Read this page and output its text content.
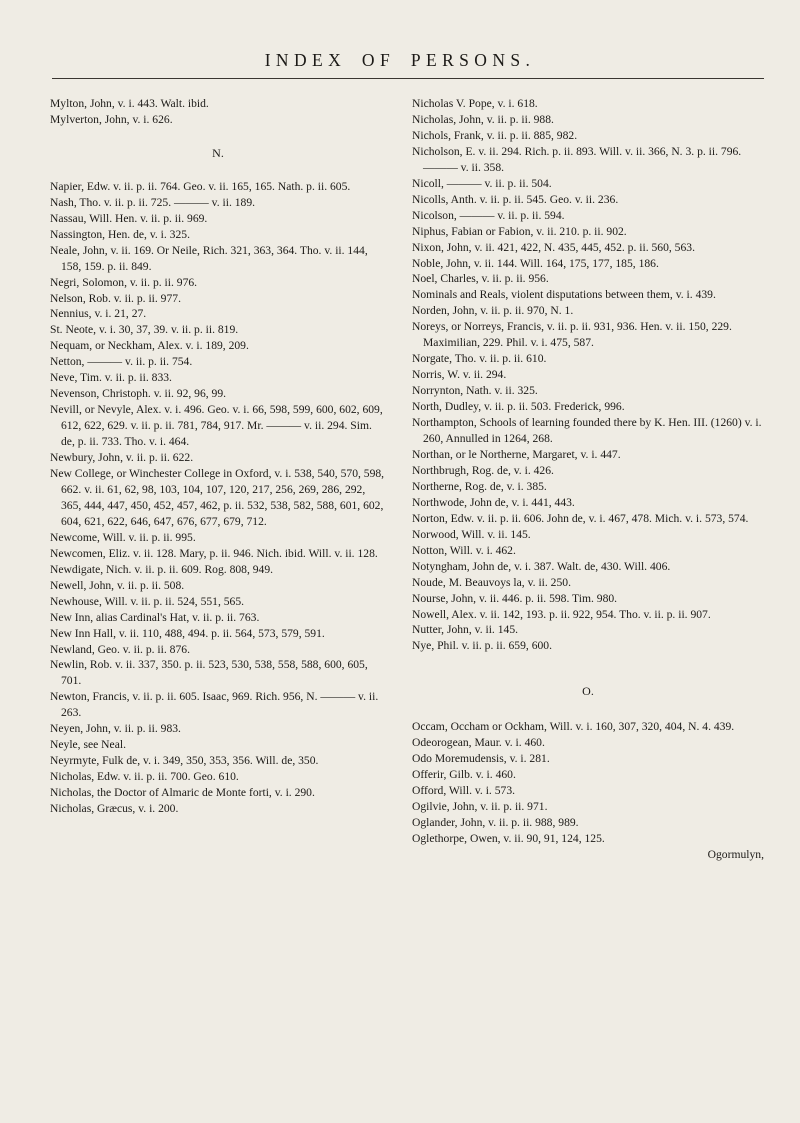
INDEX OF PERSONS.

Mylton, John, v. i. 443. Walt. ibid.

Mylverton, John, v. i. 626.

N.

Napier, Edw. v. ii. p. ii. 764. Geo. v. ii. 165, 165. Nath. p. ii. 605.

Nash, Tho. v. ii. p. ii. 725. ——— v. ii. 189.

Nassau, Will. Hen. v. ii. p. ii. 969.

Nassington, Hen. de, v. i. 325.

Neale, John, v. ii. 169. Or Neile, Rich. 321, 363, 364. Tho. v. ii. 144, 158, 159. p. ii. 849.

Negri, Solomon, v. ii. p. ii. 976.

Nelson, Rob. v. ii. p. ii. 977.

Nennius, v. i. 21, 27.

St. Neote, v. i. 30, 37, 39. v. ii. p. ii. 819.

Nequam, or Neckham, Alex. v. i. 189, 209.

Netton, ——— v. ii. p. ii. 754.

Neve, Tim. v. ii. p. ii. 833.

Nevenson, Christoph. v. ii. 92, 96, 99.

Nevill, or Nevyle, Alex. v. i. 496. Geo. v. i. 66, 598, 599, 600, 602, 609, 612, 622, 629. v. ii. p. ii. 781, 784, 917. Mr. ——— v. ii. 294. Sim. de, p. ii. 733. Tho. v. i. 464.

Newbury, John, v. ii. p. ii. 622.

New College, or Winchester College in Oxford, v. i. 538, 540, 570, 598, 662. v. ii. 61, 62, 98, 103, 104, 107, 120, 217, 256, 269, 286, 292, 365, 444, 447, 450, 452, 457, 462, p. ii. 532, 538, 582, 588, 601, 602, 604, 621, 622, 646, 647, 676, 677, 679, 712.

Newcome, Will. v. ii. p. ii. 995.

Newcomen, Eliz. v. ii. 128. Mary, p. ii. 946. Nich. ibid. Will. v. ii. 128.

Newdigate, Nich. v. ii. p. ii. 609. Rog. 808, 949.

Newell, John, v. ii. p. ii. 508.

Newhouse, Will. v. ii. p. ii. 524, 551, 565.

New Inn, alias Cardinal's Hat, v. ii. p. ii. 763.

New Inn Hall, v. ii. 110, 488, 494. p. ii. 564, 573, 579, 591.

Newland, Geo. v. ii. p. ii. 876.

Newlin, Rob. v. ii. 337, 350. p. ii. 523, 530, 538, 558, 588, 600, 605, 701.

Newton, Francis, v. ii. p. ii. 605. Isaac, 969. Rich. 956, N. ——— v. ii. 263.

Neyen, John, v. ii. p. ii. 983.

Neyle, see Neal.

Neyrmyte, Fulk de, v. i. 349, 350, 353, 356. Will. de, 350.

Nicholas, Edw. v. ii. p. ii. 700. Geo. 610.

Nicholas, the Doctor of Almaric de Monte forti, v. i. 290.

Nicholas, Græcus, v. i. 200.

Nicholas V. Pope, v. i. 618.

Nicholas, John, v. ii. p. ii. 988.

Nichols, Frank, v. ii. p. ii. 885, 982.

Nicholson, E. v. ii. 294. Rich. p. ii. 893. Will. v. ii. 366, N. 3. p. ii. 796. ——— v. ii. 358.

Nicoll, ——— v. ii. p. ii. 504.

Nicolls, Anth. v. ii. p. ii. 545. Geo. v. ii. 236.

Nicolson, ——— v. ii. p. ii. 594.

Niphus, Fabian or Fabion, v. ii. 210. p. ii. 902.

Nixon, John, v. ii. 421, 422, N. 435, 445, 452. p. ii. 560, 563.

Noble, John, v. ii. 144. Will. 164, 175, 177, 185, 186.

Noel, Charles, v. ii. p. ii. 956.

Nominals and Reals, violent disputations between them, v. i. 439.

Norden, John, v. ii. p. ii. 970, N. 1.

Noreys, or Norreys, Francis, v. ii. p. ii. 931, 936. Hen. v. ii. 150, 229. Maximilian, 229. Phil. v. i. 475, 587.

Norgate, Tho. v. ii. p. ii. 610.

Norris, W. v. ii. 294.

Norrynton, Nath. v. ii. 325.

North, Dudley, v. ii. p. ii. 503. Frederick, 996.

Northampton, Schools of learning founded there by K. Hen. III. (1260) v. i. 260, Annulled in 1264, 268.

Northan, or le Northerne, Margaret, v. i. 447.

Northbrugh, Rog. de, v. i. 426.

Northerne, Rog. de, v. i. 385.

Northwode, John de, v. i. 441, 443.

Norton, Edw. v. ii. p. ii. 606. John de, v. i. 467, 478. Mich. v. i. 573, 574.

Norwood, Will. v. ii. 145.

Notton, Will. v. i. 462.

Notyngham, John de, v. i. 387. Walt. de, 430. Will. 406.

Noude, M. Beauvoys la, v. ii. 250.

Nourse, John, v. ii. 446. p. ii. 598. Tim. 980.

Nowell, Alex. v. ii. 142, 193. p. ii. 922, 954. Tho. v. ii. p. ii. 907.

Nutter, John, v. ii. 145.

Nye, Phil. v. ii. p. ii. 659, 600.

O.

Occam, Occham or Ockham, Will. v. i. 160, 307, 320, 404, N. 4. 439.

Odeorogean, Maur. v. i. 460.

Odo Moremudensis, v. i. 281.

Offerir, Gilb. v. i. 460.

Offord, Will. v. i. 573.

Ogilvie, John, v. ii. p. ii. 971.

Oglander, John, v. ii. p. ii. 988, 989.

Oglethorpe, Owen, v. ii. 90, 91, 124, 125.

Ogormulyn,
